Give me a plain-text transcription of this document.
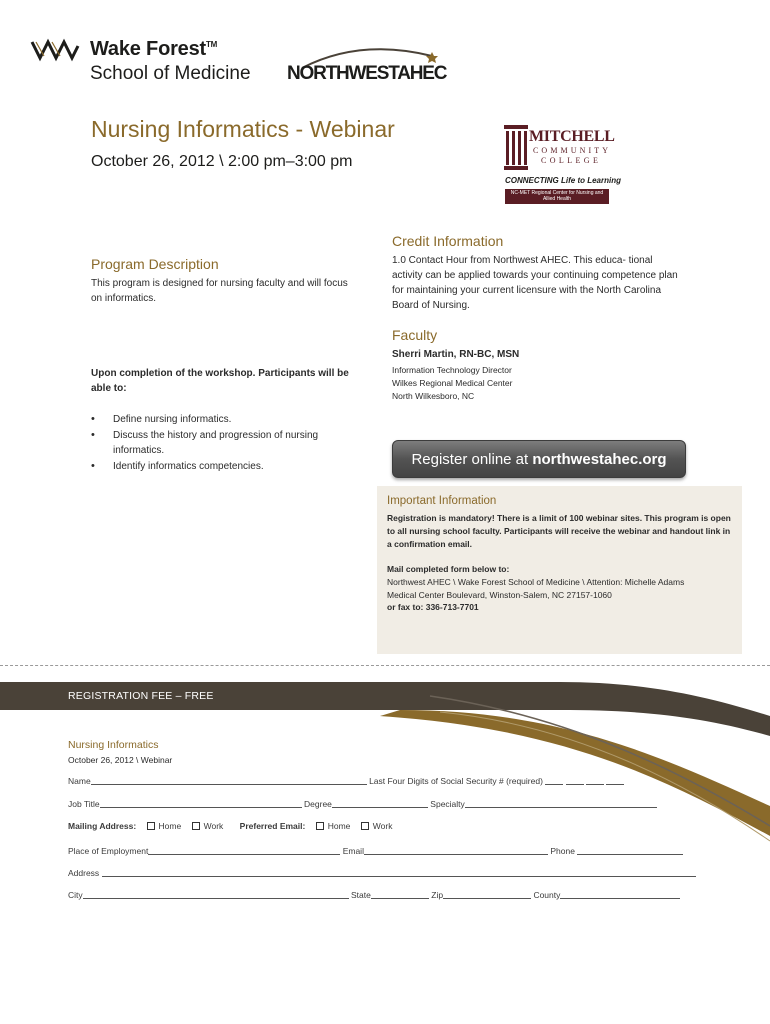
Wake Forest™
School of Medicine NORTHWESTAHEC
Nursing Informatics - Webinar
October 26, 2012 \ 2:00 pm–3:00 pm
MITCHELL
COMMUNITY
COLLEGE
CONNECTING Life to Learning
NC-MET Regional Center for Nursing and Allied Health
Program Description
This program is designed for nursing faculty and will focus on informatics.
Upon completion of the workshop. Participants will be able to:
• Define nursing informatics.
• Discuss the history and progression of nursing informatics.
• Identify informatics competencies.
Credit Information
1.0 Contact Hour from Northwest AHEC. This educa- tional activity can be applied towards your continuing competence plan for maintaining your current licensure with the North Carolina Board of Nursing.
Faculty
Sherri Martin, RN-BC, MSN
Information Technology Director
Wilkes Regional Medical Center
North Wilkesboro, NC
Register online at northwestahec.org
Important Information
Registration is mandatory! There is a limit of 100 webinar sites. This program is open to all nursing school faculty. Participants will receive the webinar and handout link in a confirmation email.
Mail completed form below to:
Northwest AHEC \ Wake Forest School of Medicine \ Attention: Michelle Adams
Medical Center Boulevard, Winston-Salem, NC 27157-1060
or fax to: 336-713-7701
REGISTRATION FEE – FREE
Nursing Informatics
October 26, 2012 \ Webinar
Name	Last Four Digits of Social Security # (required)
Job Title	Degree	Specialty
Mailing Address:	Home	Work Preferred Email:	Home	Work
Place of Employment	Email	Phone
Address
City	State	Zip	County
